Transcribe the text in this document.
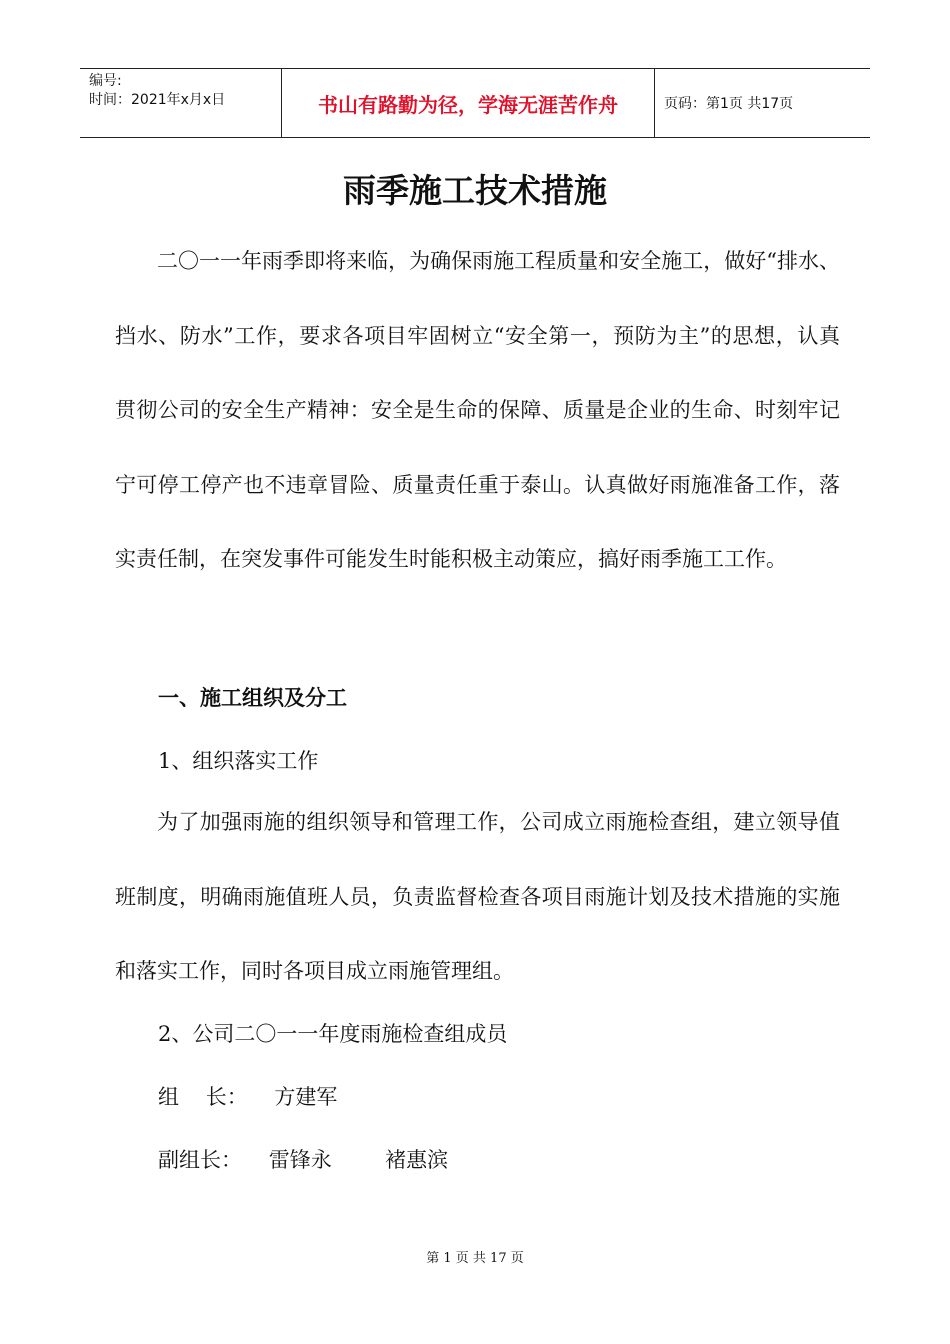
编号:
时间：2021年x月x日	书山有路勤为径，学海无涯苦作舟	页码：第1页 共17页
雨季施工技术措施

二〇一一年雨季即将来临，为确保雨施工程质量和安全施工，做好“排水、挡水、防水”工作，要求各项目牢固树立“安全第一，预防为主”的思想，认真贯彻公司的安全生产精神：安全是生命的保障、质量是企业的生命、时刻牢记宁可停工停产也不违章冒险、质量责任重于泰山。认真做好雨施准备工作，落实责任制，在突发事件可能发生时能积极主动策应，搞好雨季施工工作。

一、施工组织及分工

1、组织落实工作

为了加强雨施的组织领导和管理工作，公司成立雨施检查组，建立领导值班制度，明确雨施值班人员，负责监督检查各项目雨施计划及技术措施的实施和落实工作，同时各项目成立雨施管理组。

2、公司二〇一一年度雨施检查组成员

组    长：    方建军

副组长：    雷锋永        褚惠滨

第 1 页 共 17 页
